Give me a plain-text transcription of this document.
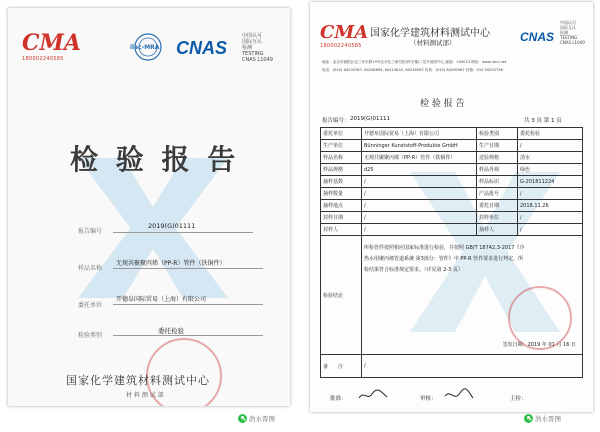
CMA
180002240585
ilac-MRA CNAS
中国认可
国际互认
检测
TESTING
CNAS L1049
检 验 报 告
报告编号
2019(G)01111
样品名称
无规共聚聚丙烯（PP-R）管件（铁铜件）
委托单位
开德阜国际贸易（上海）有限公司
检验类别
委托检验
国家化学建筑材料测试中心
材 料 测 试 部
CMA
180002240585
国家化学建筑材料测试中心
（材料测试部）	CNAS
中国认可
国际互认
检测
TESTING
CNAS L1049
地址：北京市朝阳区北三环东路19号北京化工研究院(科学楼)二层外测试中心 邮编：100013 网址：www.ntcc.net
电话：(010) 64200767, 64208694, 64214842, 64236592 传真：(010) 84290567 信箱：010 59202738
检 验 报 告
报告编号： 2019(G)01111	共 3 页 第 1 页
委托单位	开德阜国际贸易（上海）有限公司	检验类别	委托检验
生产单位	Bünninger Kunststoff-Produkte GmbH	生产日期	/
样品名称	无规共聚聚丙烯（PP-R）管件（铁铜件）	送验规格	清水
样品规格	d25	样品外观	绿色
抽样基数	/	样品标识	G-201811224
抽样数量	/	产品批号	/
抽样地点	/	委托日期	2018.11.26
封样日期	/	封样单位	/
封样人	/	抽样人	/
检验结论	所检管件按照相应国家标准进行检验，并按照 GB/T 18742.3-2017《冷
热水用聚丙烯管道系统 第3部分：管件》中 PP-R 管件要求进行判定，所
检结果符合标准规定要求。（详见第 2-3 页）
签发日期：2019 年 01 月 16 日		

备　　注	/		
批准：	审核：	主检：
浩水晋图	浩水晋图
